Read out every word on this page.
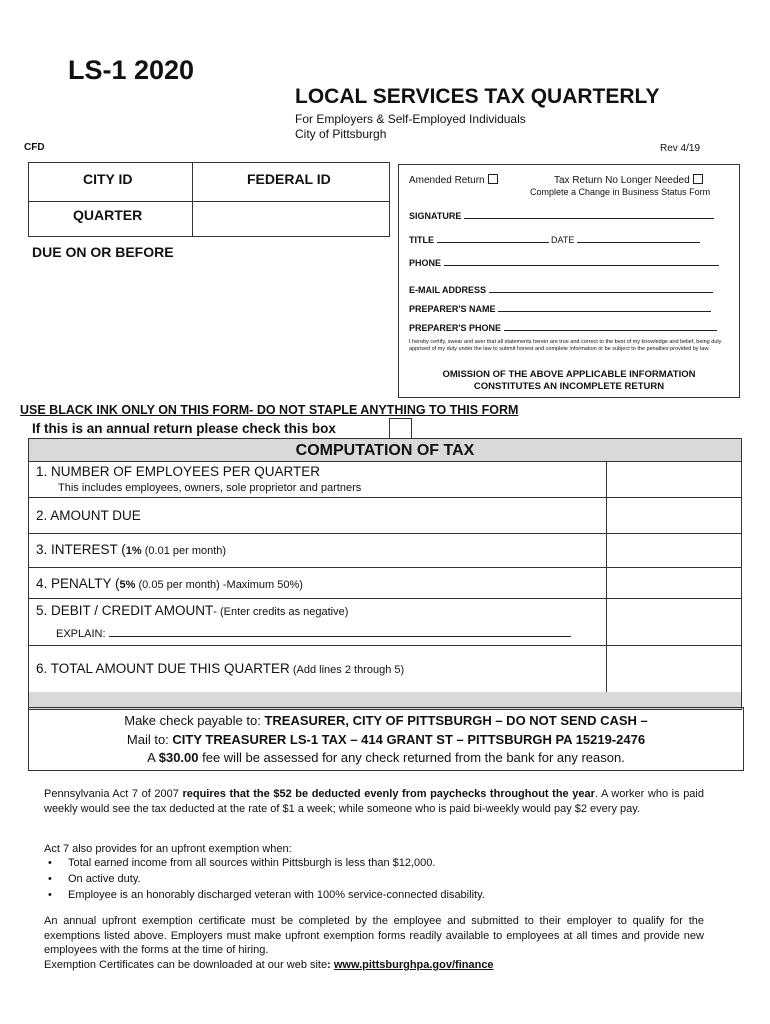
LS-1 2020
LOCAL SERVICES TAX QUARTERLY
For Employers & Self-Employed Individuals
City of Pittsburgh
CFD	Rev 4/19
CITY ID	FEDERAL ID
QUARTER
DUE ON OR BEFORE
Amended Return	Tax Return No Longer Needed
Complete a Change in Business Status Form
SIGNATURE
TITLE	DATE
PHONE
E-MAIL ADDRESS
PREPARER'S NAME
PREPARER'S PHONE
I hereby certify, swear and aver that all statements herein are true and correct to the best of my knowledge and belief, being duly apprised of my duty under the law to submit honest and complete information or be subject to the penalties provided by law.
OMISSION OF THE ABOVE APPLICABLE INFORMATION
CONSTITUTES AN INCOMPLETE RETURN
USE BLACK INK ONLY ON THIS FORM- DO NOT STAPLE ANYTHING TO THIS FORM
If this is an annual return please check this box
COMPUTATION OF TAX
1. NUMBER OF EMPLOYEES PER QUARTER
This includes employees, owners, sole proprietor and partners
2. AMOUNT DUE
3. INTEREST (1% (0.01 per month)
4. PENALTY (5% (0.05 per month) -Maximum 50%)
5. DEBIT / CREDIT AMOUNT- (Enter credits as negative)
EXPLAIN:
6. TOTAL AMOUNT DUE THIS QUARTER (Add lines 2 through 5)
Make check payable to: TREASURER, CITY OF PITTSBURGH – DO NOT SEND CASH –
Mail to: CITY TREASURER LS-1 TAX – 414 GRANT ST – PITTSBURGH PA 15219-2476
A $30.00 fee will be assessed for any check returned from the bank for any reason.
Pennsylvania Act 7 of 2007 requires that the $52 be deducted evenly from paychecks throughout the year. A worker who is paid weekly would see the tax deducted at the rate of $1 a week; while someone who is paid bi-weekly would pay $2 every pay.
Act 7 also provides for an upfront exemption when:
• Total earned income from all sources within Pittsburgh is less than $12,000.
• On active duty.
• Employee is an honorably discharged veteran with 100% service-connected disability.
An annual upfront exemption certificate must be completed by the employee and submitted to their employer to qualify for the exemptions listed above. Employers must make upfront exemption forms readily available to employees at all times and provide new employees with the forms at the time of hiring.
Exemption Certificates can be downloaded at our web site: www.pittsburghpa.gov/finance
